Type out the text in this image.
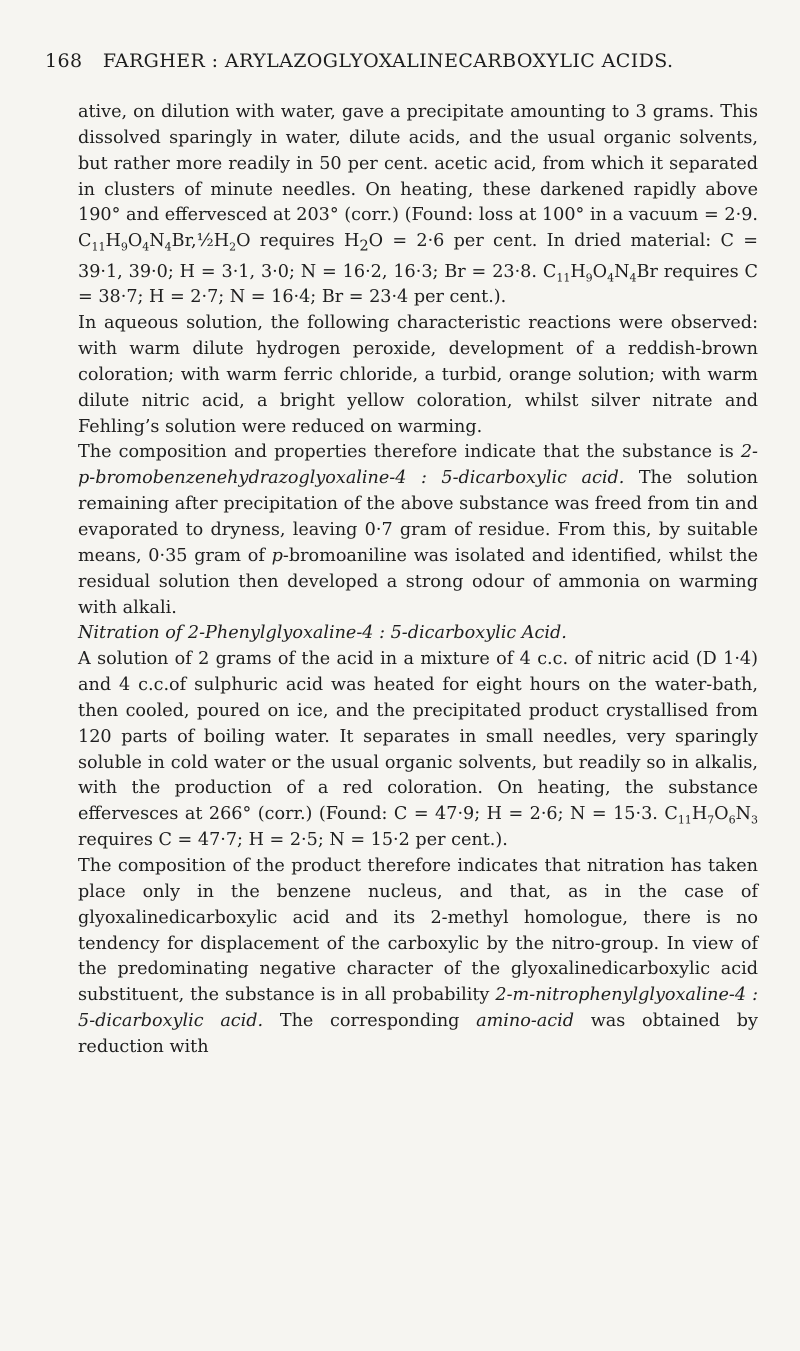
168 FARGHER : ARYLAZOGLYOXALINECARBOXYLIC ACIDS.

ative, on dilution with water, gave a precipitate amounting to 3 grams. This dissolved sparingly in water, dilute acids, and the usual organic solvents, but rather more readily in 50 per cent. acetic acid, from which it separated in clusters of minute needles. On heating, these darkened rapidly above 190° and effervesced at 203° (corr.) (Found: loss at 100° in a vacuum = 2·9. $C_{11}H_9O_4N_4Br,\frac{1}{2}H_2O$ requires $H_2O = 2\cdot 6$ per cent. In dried material: C = 39·1, 39·0; H = 3·1, 3·0; N = 16·2, 16·3; Br = 23·8. $C_{11}H_9O_4N_4Br$ requires C = 38·7; H = 2·7; N = 16·4; Br = 23·4 per cent.).

In aqueous solution, the following characteristic reactions were observed: with warm dilute hydrogen peroxide, development of a reddish-brown coloration; with warm ferric chloride, a turbid, orange solution; with warm dilute nitric acid, a bright yellow coloration, whilst silver nitrate and Fehling’s solution were reduced on warming.

The composition and properties therefore indicate that the substance is 2-p-bromobenzenehydrazoglyoxaline-4 : 5-dicarboxylic acid. The solution remaining after precipitation of the above substance was freed from tin and evaporated to dryness, leaving 0·7 gram of residue. From this, by suitable means, 0·35 gram of p-bromoaniline was isolated and identified, whilst the residual solution then developed a strong odour of ammonia on warming with alkali.

Nitration of 2-Phenylglyoxaline-4 : 5-dicarboxylic Acid.

A solution of 2 grams of the acid in a mixture of 4 c.c. of nitric acid (D 1·4) and 4 c.c.of sulphuric acid was heated for eight hours on the water-bath, then cooled, poured on ice, and the precipitated product crystallised from 120 parts of boiling water. It separates in small needles, very sparingly soluble in cold water or the usual organic solvents, but readily so in alkalis, with the production of a red coloration. On heating, the substance effervesces at 266° (corr.) (Found: C = 47·9; H = 2·6; N = 15·3. $C_{11}H_7O_6N_3$ requires C = 47·7; H = 2·5; N = 15·2 per cent.).

The composition of the product therefore indicates that nitration has taken place only in the benzene nucleus, and that, as in the case of glyoxalinedicarboxylic acid and its 2-methyl homologue, there is no tendency for displacement of the carboxylic by the nitro-group. In view of the predominating negative character of the glyoxalinedicarboxylic acid substituent, the substance is in all probability 2-m-nitrophenylglyoxaline-4 : 5-dicarboxylic acid. The corresponding amino-acid was obtained by reduction with
